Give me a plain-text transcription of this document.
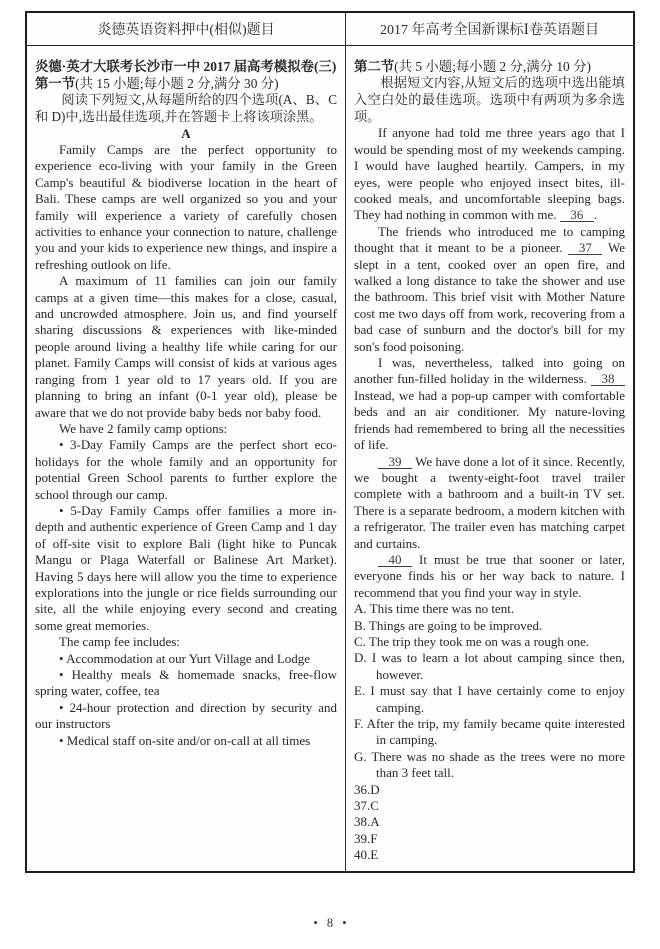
炎德英语资料押中(相似)题目	2017 年高考全国新课标Ⅰ卷英语题目

炎德·英才大联考长沙市一中 2017 届高考模拟卷(三)

第一节(共 15 小题;每小题 2 分,满分 30 分)

阅读下列短文,从每题所给的四个选项(A、B、C 和 D)中,选出最佳选项,并在答题卡上将该项涂黑。

A

Family Camps are the perfect opportunity to experience eco-living with your family in the Green Camp's beautiful & biodiverse location in the heart of Bali. These camps are well organized so you and your family will experience a variety of carefully chosen activities to enhance your connection to nature, challenge you and your kids to experience new things, and inspire a refreshing outlook on life.

A maximum of 11 families can join our family camps at a given time—this makes for a close, casual, and uncrowded atmosphere. Join us, and find yourself sharing discussions & experiences with like-minded people around living a healthy life while caring for our planet. Family Camps will consist of kids at various ages ranging from 1 year old to 17 years old. If you are planning to bring an infant (0-1 year old), please be aware that we do not provide baby beds nor baby food.

We have 2 family camp options:

• 3-Day Family Camps are the perfect short eco-holidays for the whole family and an opportunity for potential Green School parents to further explore the school through our camp.

• 5-Day Family Camps offer families a more in-depth and authentic experience of Green Camp and 1 day of off-site visit to explore Bali (light hike to Puncak Mangu or Plaga Waterfall or Balinese Art Market). Having 5 days here will allow you the time to experience explorations into the jungle or rice fields surrounding our site, all the while enjoying every second and creating some great memories.

The camp fee includes:

• Accommodation at our Yurt Village and Lodge

• Healthy meals & homemade snacks, free-flow spring water, coffee, tea

• 24-hour protection and direction by security and our instructors

• Medical staff on-site and/or on-call at all times

第二节(共 5 小题;每小题 2 分,满分 10 分)

根据短文内容,从短文后的选项中选出能填入空白处的最佳选项。选项中有两项为多余选项。

If anyone had told me three years ago that I would be spending most of my weekends camping. I would have laughed heartily. Campers, in my eyes, were people who enjoyed insect bites, ill-cooked meals, and uncomfortable sleeping bags. They had nothing in common with me. 36 .

The friends who introduced me to camping thought that it meant to be a pioneer. 37 We slept in a tent, cooked over an open fire, and walked a long distance to take the shower and use the bathroom. This brief visit with Mother Nature cost me two days off from work, recovering from a bad case of sunburn and the doctor's bill for my son's food poisoning.

I was, nevertheless, talked into going on another fun-filled holiday in the wilderness. 38 Instead, we had a pop-up camper with comfortable beds and an air conditioner. My nature-loving friends had remembered to bring all the necessities of life.

39 We have done a lot of it since. Recently, we bought a twenty-eight-foot travel trailer complete with a bathroom and a built-in TV set. There is a separate bedroom, a modern kitchen with a refrigerator. The trailer even has matching carpet and curtains.

40 It must be true that sooner or later, everyone finds his or her way back to nature. I recommend that you find your way in style.

A. This time there was no tent.

B. Things are going to be improved.

C. The trip they took me on was a rough one.

D. I was to learn a lot about camping since then, however.

E. I must say that I have certainly come to enjoy camping.

F. After the trip, my family became quite interested in camping.

G. There was no shade as the trees were no more than 3 feet tall.

36.D

37.C

38.A

39.F

40.E

• 8 •
